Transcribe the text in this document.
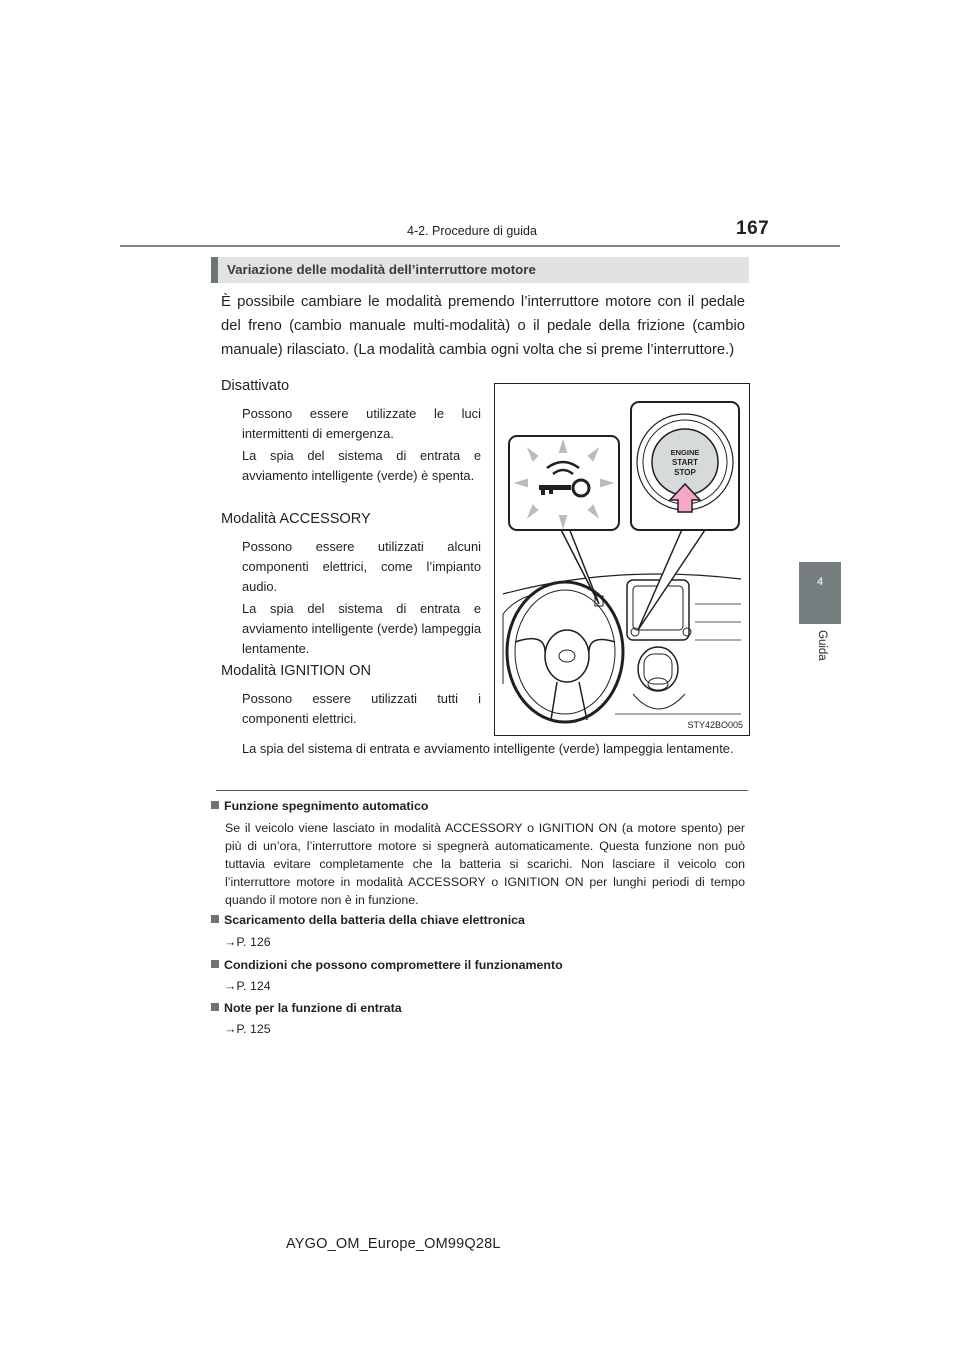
4-2. Procedure di guida	167
4
Guida
Variazione delle modalità dell’interruttore motore
È possibile cambiare le modalità premendo l’interruttore motore con il pedale del freno (cambio manuale multi-modalità) o il pedale della frizione (cambio manuale) rilasciato. (La modalità cambia ogni volta che si preme l’interruttore.)
Disattivato
Possono essere utilizzate le luci intermittenti di emergenza.
La spia del sistema di entrata e avviamento intelligente (verde) è spenta.
Modalità ACCESSORY
Possono essere utilizzati alcuni componenti elettrici, come l’impianto audio.
La spia del sistema di entrata e avviamento intelligente (verde) lampeggia lentamente.
Modalità IGNITION ON
Possono essere utilizzati tutti i componenti elettrici.
La spia del sistema di entrata e avviamento intelligente (verde) lampeggia lentamente.
ENGINE
START
STOP
STY42BO005
Funzione spegnimento automatico
Se il veicolo viene lasciato in modalità ACCESSORY o IGNITION ON (a motore spento) per più di un’ora, l’interruttore motore si spegnerà automaticamente. Questa funzione non può tuttavia evitare completamente che la batteria si scarichi. Non lasciare il veicolo con l’interruttore motore in modalità ACCESSORY o IGNITION ON per lunghi periodi di tempo quando il motore non è in funzione.
Scaricamento della batteria della chiave elettronica
→P. 126
Condizioni che possono compromettere il funzionamento
→P. 124
Note per la funzione di entrata
→P. 125
AYGO_OM_Europe_OM99Q28L
